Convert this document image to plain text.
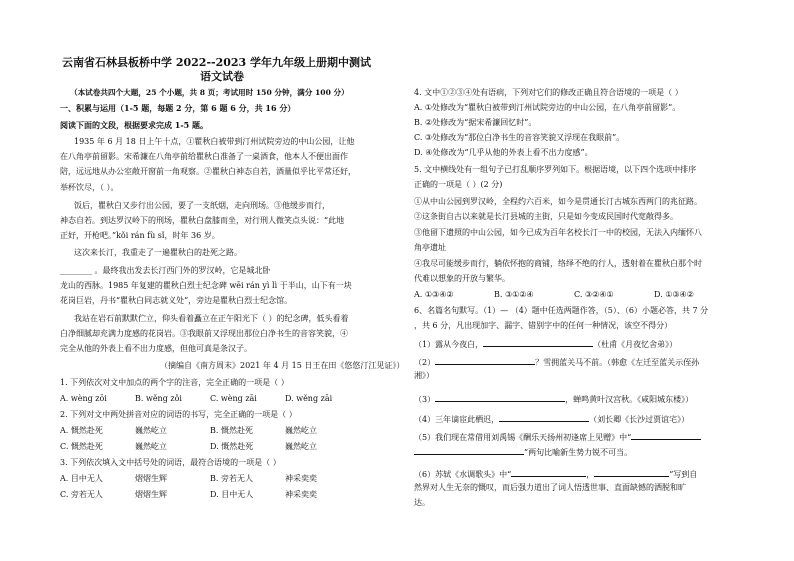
云南省石林县板桥中学 2022--2023 学年九年级上册期中测试
语文试卷
（本试卷共四个大题，25 个小题，共 8 页；考试用时 150 分钟，满分 100 分）
一、积累与运用（1-5 题，每题 2 分，第 6 题 6 分，共 16 分）
阅读下面的文段，根据要求完成 1-5 题。
1935 年 6 月 18 日上午十点，①瞿秋白被带到汀州试院旁边的中山公园，让他
在八角亭前留影。宋希濂在八角亭前给瞿秋白准备了一桌酒食，他本人不便出面作
陪，远远地从办公室敞开窗前一角观察。②瞿秋白神态自若，酒量似乎比平常还好，
举杯饮尽，（ ）。
饭后，瞿秋白又步行出公园，要了一支纸烟，走向刑场。③他缓步而行，
神态自若。到达罗汉岭下的刑场，瞿秋白盘膝而坐，对行刑人微笑点头说：“此地
正好，开枪吧。”kǒi rán fù sǐ，时年 36 岁。
这次来长汀，我重走了一遍瞿秋白的赴死之路。
________ 。最终我出发去长汀西门外的罗汉岭，它是城北卧
龙山的西脉。1985 年复建的瞿秋白烈士纪念碑 wēi rán yì lì 于半山，山下有一块
花岗巨岩，丹书“瞿秋白同志就义处”，旁边是瞿秋白烈士纪念馆。
我站在岩石前默默伫立，仰头看着矗立在正午阳光下（ ）的纪念碑，低头看着
白净细腻却充满力度感的花岗岩。③我眼前又浮现出那位白净书生的音容笑貌，④
完全从他的外表上看不出力度感，但他可真是条汉子。
（摘编自《南方周末》2021 年 4 月 15 日王在田《悠悠汀江见证》）
1. 下列依次对文中加点的两个字的注音，完全正确的一项是（ ）
A. wèng zōi	B. wěng zǒi	C. wèng zāi	D. wěng zāi
2. 下列对文中两处拼音对应的词语的书写，完全正确的一项是（ ）
A. 慨然赴死	巍然屹立	B. 慨然赴死	巍然屹立
C. 慨然赴死	巍然屹立	D. 慨然赴死	巍然屹立
3. 下列依次填入文中括号处的词语，最符合语境的一项是（ ）
A. 目中无人	熠熠生辉	B. 旁若无人	神采奕奕
C. 旁若无人	熠熠生辉	D. 目中无人	神采奕奕
4. 文中①②③④处有语病，下列对它们的修改正确且符合语境的一项是（ ）
A. ①处修改为“瞿秋白被带到汀州试院旁边的中山公园，在八角亭前留影”。
B. ②处修改为“据宋希濂回忆时”。
C. ③处修改为“那位白净书生的音容笑貌又浮现在我眼前”。
D. ④处修改为“几乎从他的外表上看不出力度感”。
5. 文中横线处有一组句子已打乱顺序罗列如下。根据语境，以下四个选项中排序
正确的一项是（ ）(2 分)
①从中山公园到罗汉岭，全程约六百米，如今是贯通长汀古城东西两门的兆征路。
②这条街自古以来就是长汀县城的主街，只是如今变成民国时代宽敞得多。
③他留下遗照的中山公园，如今已成为百年名校长汀一中的校园，无法入内缅怀八
角亭遗址
④我尽可能缓步而行，躺依怀抱的商铺，络绎不绝的行人，透射着在瞿秋白那个时
代难以想象的开放与繁华。
A. ①③④②	B. ③①②④	C. ③②④①	D. ①③④②
6、名篇名句默写。（1）— （4）题中任选两题作答，（5）、（6）小题必答，共 7 分
，共 6 分，凡出现加字、漏字、错别字中的任何一种情况，该空不得分）
（1）露从今夜白，	（杜甫《月夜忆舍弟》）
（2）	？雪拥蓝关马不前。（韩愈《左迁至蓝关示侄孙
湘》）
（3）	，蝉鸣黄叶汉宫秋。《咸阳城东楼》）
（4）三年谪宦此栖迟，	（刘长卿《长沙过贾谊宅》）
（5）我们现在常借用刘禹锡《酬乐天扬州初逢席上见赠》中“
”两句比喻新生势力锐不可当。
（6）苏轼《水调歌头》中“	，	”写到自
然界对人生无奈的慨叹，而后强力道出了词人悟透世事、直面缺憾的洒脱和旷
达。
